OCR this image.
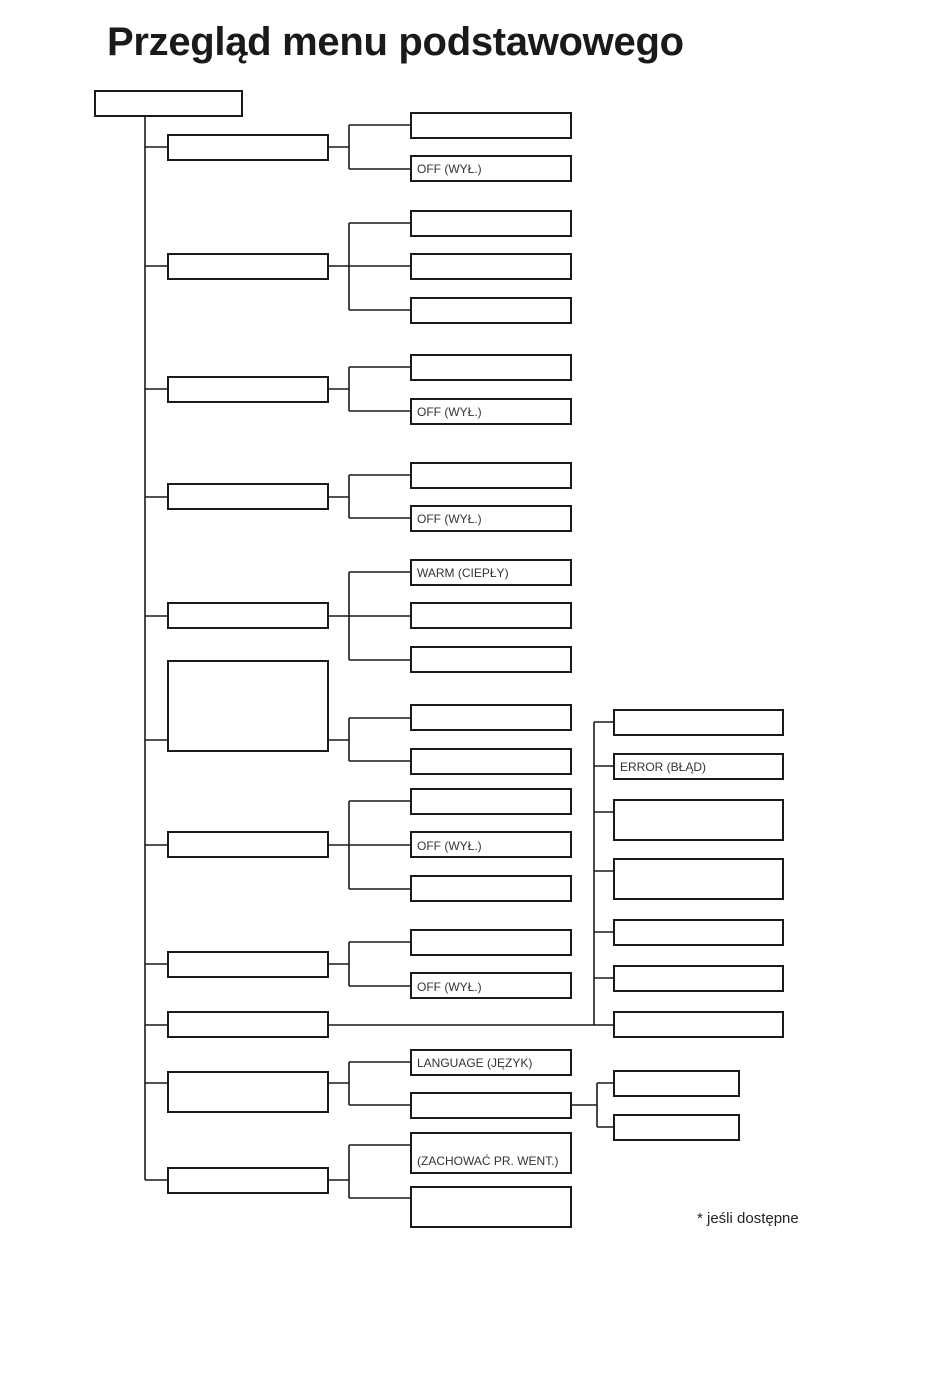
Przegląd menu podstawowego
OFF (WYŁ.)
OFF (WYŁ.)
OFF (WYŁ.)
WARM (CIEPŁY)
ERROR (BŁĄD)
OFF (WYŁ.)
OFF (WYŁ.)
LANGUAGE (JĘZYK)
(ZACHOWAĆ PR. WENT.)
* jeśli dostępne
